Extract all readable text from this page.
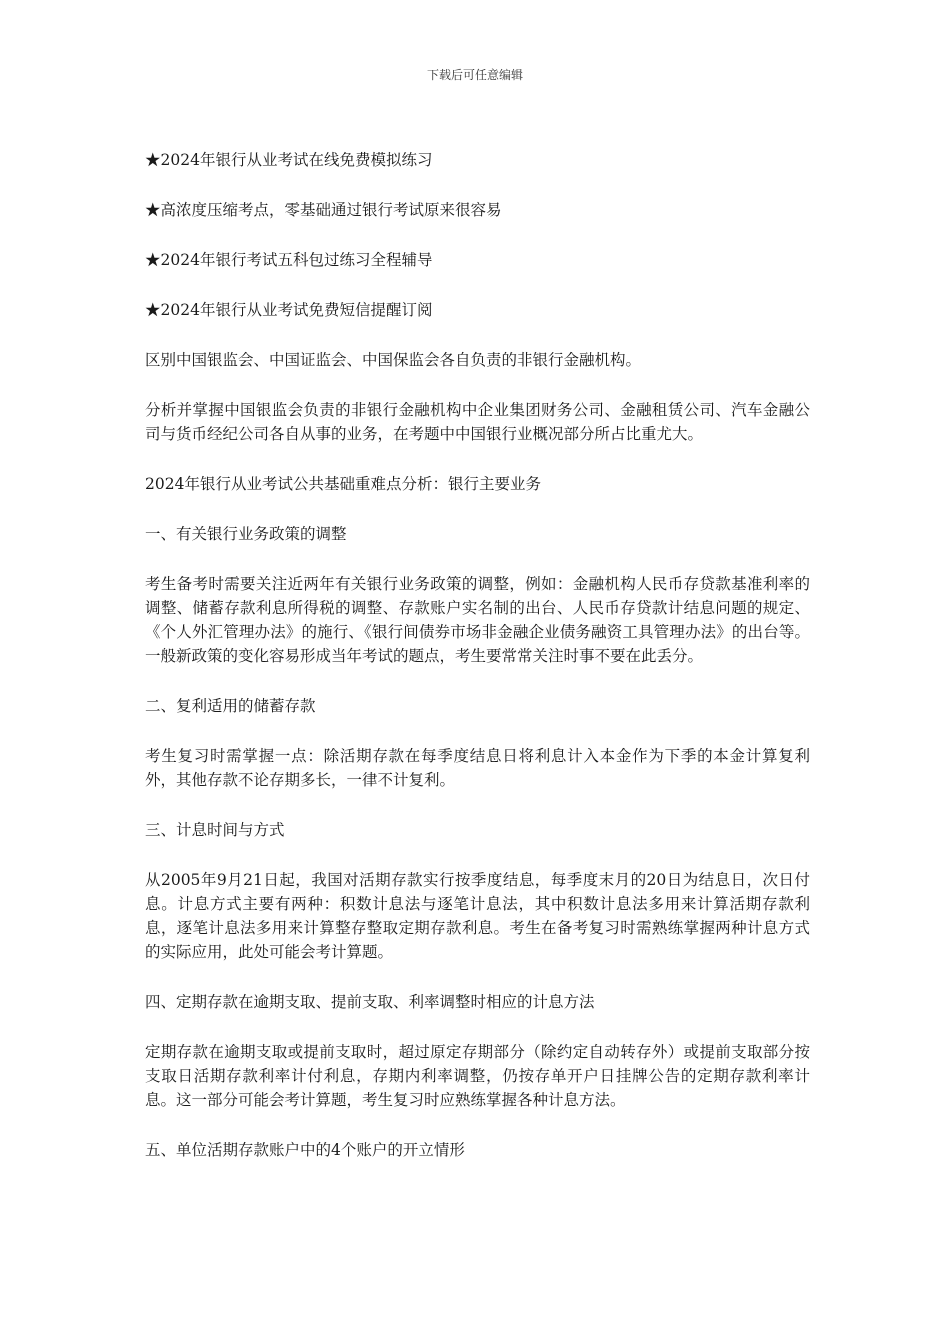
下载后可任意编辑

★2024年银行从业考试在线免费模拟练习

★高浓度压缩考点，零基础通过银行考试原来很容易

★2024年银行考试五科包过练习全程辅导

★2024年银行从业考试免费短信提醒订阅

区别中国银监会、中国证监会、中国保监会各自负责的非银行金融机构。

分析并掌握中国银监会负责的非银行金融机构中企业集团财务公司、金融租赁公司、汽车金融公司与货币经纪公司各自从事的业务，在考题中中国银行业概况部分所占比重尤大。

2024年银行从业考试公共基础重难点分析：银行主要业务

一、有关银行业务政策的调整

考生备考时需要关注近两年有关银行业务政策的调整，例如：金融机构人民币存贷款基准利率的调整、储蓄存款利息所得税的调整、存款账户实名制的出台、人民币存贷款计结息问题的规定、《个人外汇管理办法》的施行、《银行间债券市场非金融企业债务融资工具管理办法》的出台等。一般新政策的变化容易形成当年考试的题点，考生要常常关注时事不要在此丢分。

二、复利适用的储蓄存款

考生复习时需掌握一点：除活期存款在每季度结息日将利息计入本金作为下季的本金计算复利外，其他存款不论存期多长，一律不计复利。

三、计息时间与方式

从2005年9月21日起，我国对活期存款实行按季度结息，每季度末月的20日为结息日，次日付息。计息方式主要有两种：积数计息法与逐笔计息法，其中积数计息法多用来计算活期存款利息，逐笔计息法多用来计算整存整取定期存款利息。考生在备考复习时需熟练掌握两种计息方式的实际应用，此处可能会考计算题。

四、定期存款在逾期支取、提前支取、利率调整时相应的计息方法

定期存款在逾期支取或提前支取时，超过原定存期部分（除约定自动转存外）或提前支取部分按支取日活期存款利率计付利息，存期内利率调整，仍按存单开户日挂牌公告的定期存款利率计息。这一部分可能会考计算题，考生复习时应熟练掌握各种计息方法。

五、单位活期存款账户中的4个账户的开立情形
